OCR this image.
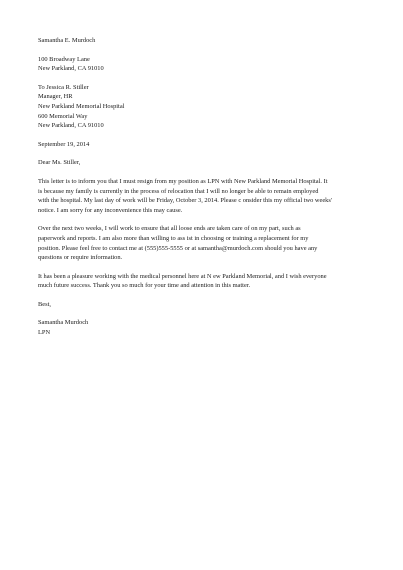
Samantha E. Murdoch
100 Broadway Lane
New Parkland, CA 91010
To Jessica R. Stiller
Manager, HR
New Parkland Memorial Hospital
600 Memorial Way
New Parkland, CA 91010
September 19, 2014
Dear Ms. Stiller,
This letter is to inform you that I must resign from my position as LPN with New Parkland Memorial Hospital. It
is because my family is currently in the process of relocation that I will no longer be able to remain employed
with the hospital. My last day of work will be Friday, October 3, 2014. Please c onsider this my official two weeks'
notice. I am sorry for any inconvenience this may cause.
Over the next two weeks, I will work to ensure that all loose ends are taken care of on my part, such as
paperwork and reports. I am also more than willing to ass ist in choosing or training a replacement for my
position. Please feel free to contact me at (555)555-5555 or at samantha@murdoch.com should you have any
questions or require information.
It has been a pleasure working with the medical personnel here at N ew Parkland Memorial, and I wish everyone
much future success. Thank you so much for your time and attention in this matter.
Best,
Samantha Murdoch
LPN
